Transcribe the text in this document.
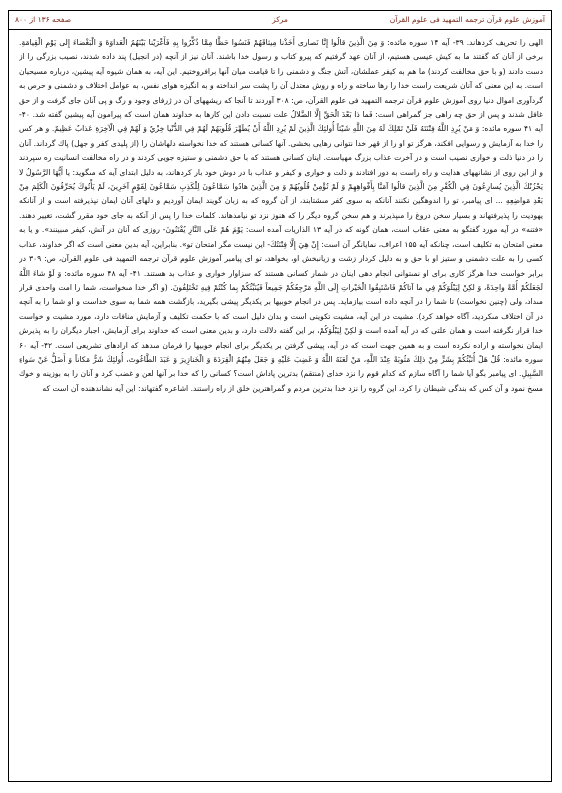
آموزش علوم قرآن ترجمه التمهيد فى علوم القرآن
مركز
صفحه ۱۳۶ از ۸۰۰

الهى را تحريف كردهاند. ۳۹- آيه ۱۴ سوره مائده: وَ مِنَ الَّذِينَ قالُوا إِنَّا نَصارى أَخَذْنا مِيثاقَهُمْ فَنَسُوا حَظًّا مِمَّا ذُكِّرُوا بِهِ فَأَغْرَيْنا بَيْنَهُمُ الْعَداوَةَ وَ الْبَغْضاءَ إِلى يَوْمِ الْقِيامَةِ. برخى از آنان كه گفتند ما به كيش عيسى هستيم، از آنان عهد گرفتيم كه پيرو كتاب و رسول خدا باشند. آنان نيز از آنچه (در انجيل) پند داده شدند، نصيب بزرگى را از دست دادند (و با حق مخالفت كردند) ما هم به كيفر عملشان، آتش جنگ و دشمنى را تا قيامت ميان آنها برافروختيم. اين آيه، به همان شيوه آيه پيشين، درباره مسيحيان است. به اين معنى كه آنان شريعت راست خدا را رها ساخته و راه و روش معتدل آن را پشت سر انداخته و به انگيزه هواى نفس، به عوامل اختلاف و دشمنى و حرص به گردآورى اموال دنيا روى آموزش علوم قرآن ترجمه التمهيد فى علوم القرآن، ص: ۳۰۸ آوردند تا آنجا كه ريشههاى آن در ژرفاى وجود و رگ و پى آنان جاى گرفت و از حق غافل شدند و پس از حق چه راهى جز گمراهى است: فَما ذا بَعْدَ الْحَقِّ إِلَّا الضَّلالُ علت نسبت دادن اين كارها به خداوند همان است كه پيرامون آيه پيشين گفته شد. ۴۰- آيه ۴۱ سوره مائده: وَ مَنْ يُرِدِ اللَّهُ فِتْنَتَهُ فَلَنْ تَمْلِكَ لَهُ مِنَ اللَّهِ شَيْئاً أُولئِكَ الَّذِينَ لَمْ يُرِدِ اللَّهُ أَنْ يُطَهِّرَ قُلُوبَهُمْ لَهُمْ فِي الدُّنْيا خِزْيٌ وَ لَهُمْ فِي الْآخِرَةِ عَذابٌ عَظِيمٌ. و هر كس را خدا به آزمايش و رسوايى افكند، هرگز تو او را از قهر خدا نتوانى رهايى بخشى. آنها كسانى هستند كه خدا نخواسته دلهاشان را (از پليدى كفر و جهل) پاك گرداند. آنان را در دنيا ذلت و خوارى نصيب است و در آخرت عذاب بزرگ مهياست. اينان كسانى هستند كه با حق دشمنى و ستيزه جويى كردند و در راه مخالفت انسانيت ره سپردند و از اين روى از نشانههاى هدايت و راه راست به دور افتادند و ذلت و خوارى و كيفر و عذاب با در دوش خود بار كردهاند، به دليل ابتداى آيه كه مىگويد: يا أَيُّهَا الرَّسُولُ لا يَحْزُنْكَ الَّذِينَ يُسارِعُونَ فِي الْكُفْرِ مِنَ الَّذِينَ قالُوا آمَنَّا بِأَفْواهِهِمْ وَ لَمْ تُؤْمِنْ قُلُوبُهُمْ وَ مِنَ الَّذِينَ هادُوا سَمَّاعُونَ لِلْكَذِبِ سَمَّاعُونَ لِقَوْمٍ آخَرِينَ، لَمْ يَأْتُوكَ يُحَرِّفُونَ الْكَلِمَ مِنْ بَعْدِ مَواضِعِهِ ... اى پيامبر، تو را اندوهگين نكنند آنانكه به سوى كفر مىشتابند، از آن گروه كه به زبان گويند ايمان آورديم و دلهاى آنان ايمان نپذيرفته است و از آنانكه يهوديت را پذيرفتهاند و بسيار سخن دروغ را مىپذيرند و هم سخن گروه ديگر را كه هنوز نزد تو نيامدهاند. كلمات خدا را پس از آنكه به جاى خود مقرر گشت، تغيير دهند. «فتنه» در آيه مورد گفتگو به معنى عقاب است، همان گونه كه در آيه ۱۳ الذاريات آمده است: يَوْمَ هُمْ عَلَى النَّارِ يُفْتَنُونَ- روزى كه آنان در آتش، كيفر مىبينند». و يا به معنى امتحان به تكليف است، چنانكه آيه ۱۵۵ اعراف، نمايانگر آن است: إِنْ هِيَ إِلَّا فِتْنَتُكَ- اين نيست مگر امتحان تو». بنابراين، آيه بدين معنى است كه اگر خداوند، عذاب كسى را به علت دشمنى و ستيز او با حق و به دليل كردار زشت و زيانبخش او، بخواهد، تو اى پيامبر آموزش علوم قرآن ترجمه التمهيد فى علوم القرآن، ص: ۳۰۹ در برابر خواست خدا هرگز كارى براى او نمىتوانى انجام دهى اينان در شمار كسانى هستند كه سزاوار خوارى و عذاب بد هستند. ۴۱- آيه ۴۸ سوره مائده: وَ لَوْ شاءَ اللَّهُ لَجَعَلَكُمْ أُمَّةً واحِدَةً، وَ لكِنْ لِيَبْلُوَكُمْ فِي ما آتاكُمْ فَاسْتَبِقُوا الْخَيْراتِ إِلَى اللَّهِ مَرْجِعُكُمْ جَمِيعاً فَيُنَبِّئُكُمْ بِما كُنْتُمْ فِيهِ تَخْتَلِفُونَ. (و اگر خدا مىخواست، شما را امت واحدى قرار مىداد، ولى (چنين نخواست) تا شما را در آنچه داده است بيازمايد. پس در انجام خوبيها بر يكديگر پيشى بگيريد، بازگشت همه شما به سوى خداست و او شما را به آنچه در آن اختلاف مىكرديد، آگاه خواهد كرد). مشيت در اين آيه، مشيت تكوينى است و بدان دليل است كه با حكمت تكليف و آزمايش منافات دارد، مورد مشيت و خواست خدا قرار نگرفته است و همان علتى كه در آيه آمده است وَ لكِنْ لِيَبْلُوَكُمْ، بر اين گفته دلالت دارد، و بدين معنى است كه خداوند براى آزمايش، اجبار ديگران را به پذيرش ايمان نخواسته و اراده نكرده است و به همين جهت است كه در آيه، پيشى گرفتن بر يكديگر براى انجام خوبيها را فرمان مىدهد كه ارادهاى تشريعى است. ۴۲- آيه ۶۰ سوره مائده: قُلْ هَلْ أُنَبِّئُكُمْ بِشَرٍّ مِنْ ذلِكَ مَثُوبَةً عِنْدَ اللَّهِ، مَنْ لَعَنَهُ اللَّهُ وَ غَضِبَ عَلَيْهِ وَ جَعَلَ مِنْهُمُ الْقِرَدَةَ وَ الْخَنازِيرَ وَ عَبَدَ الطَّاغُوتَ، أُولئِكَ شَرٌّ مَكاناً وَ أَضَلُّ عَنْ سَواءِ السَّبِيلِ. اى پيامبر بگو آيا شما را آگاه سازم كه كدام قوم را نزد خداى (منتقم) بدترين پاداش است؟ كسانى را كه خدا بر آنها لعن و غضب كرد و آنان را به بوزينه و خوك مسخ نمود و آن كس كه بندگى شيطان را كرد، اين گروه را نزد خدا بدترين مردم و گمراهترين خلق از راه راستند. اشاعره گفتهاند: اين آيه نشاندهنده آن است كه
